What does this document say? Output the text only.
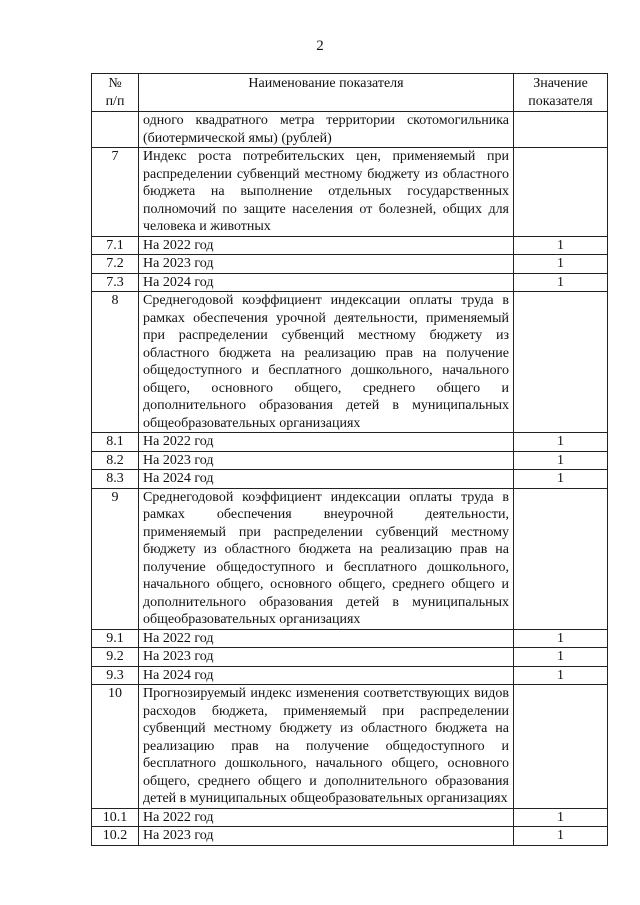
2
№
п/п	Наименование показателя	Значение
показателя

	одного квадратного метра территории скотомогильника (биотермической ямы) (рублей)	
7	Индекс роста потребительских цен, применяемый при распределении субвенций местному бюджету из областного бюджета на выполнение отдельных государственных полномочий по защите населения от болезней, общих для человека и животных	
7.1	На 2022 год	1
7.2	На 2023 год	1
7.3	На 2024 год	1
8	Среднегодовой коэффициент индексации оплаты труда в рамках обеспечения урочной деятельности, применяемый при распределении субвенций местному бюджету из областного бюджета на реализацию прав на получение общедоступного и бесплатного дошкольного, начального общего, основного общего, среднего общего и дополнительного образования детей в муниципальных общеобразовательных организациях	
8.1	На 2022 год	1
8.2	На 2023 год	1
8.3	На 2024 год	1
9	Среднегодовой коэффициент индексации оплаты труда в рамках обеспечения внеурочной деятельности, применяемый при распределении субвенций местному бюджету из областного бюджета на реализацию прав на получение общедоступного и бесплатного дошкольного, начального общего, основного общего, среднего общего и дополнительного образования детей в муниципальных общеобразовательных организациях	
9.1	На 2022 год	1
9.2	На 2023 год	1
9.3	На 2024 год	1
10	Прогнозируемый индекс изменения соответствующих видов расходов бюджета, применяемый при распределении субвенций местному бюджету из областного бюджета на реализацию прав на получение общедоступного и бесплатного дошкольного, начального общего, основного общего, среднего общего и дополнительного образования детей в муниципальных общеобразовательных организациях	
10.1	На 2022 год	1
10.2	На 2023 год	1
